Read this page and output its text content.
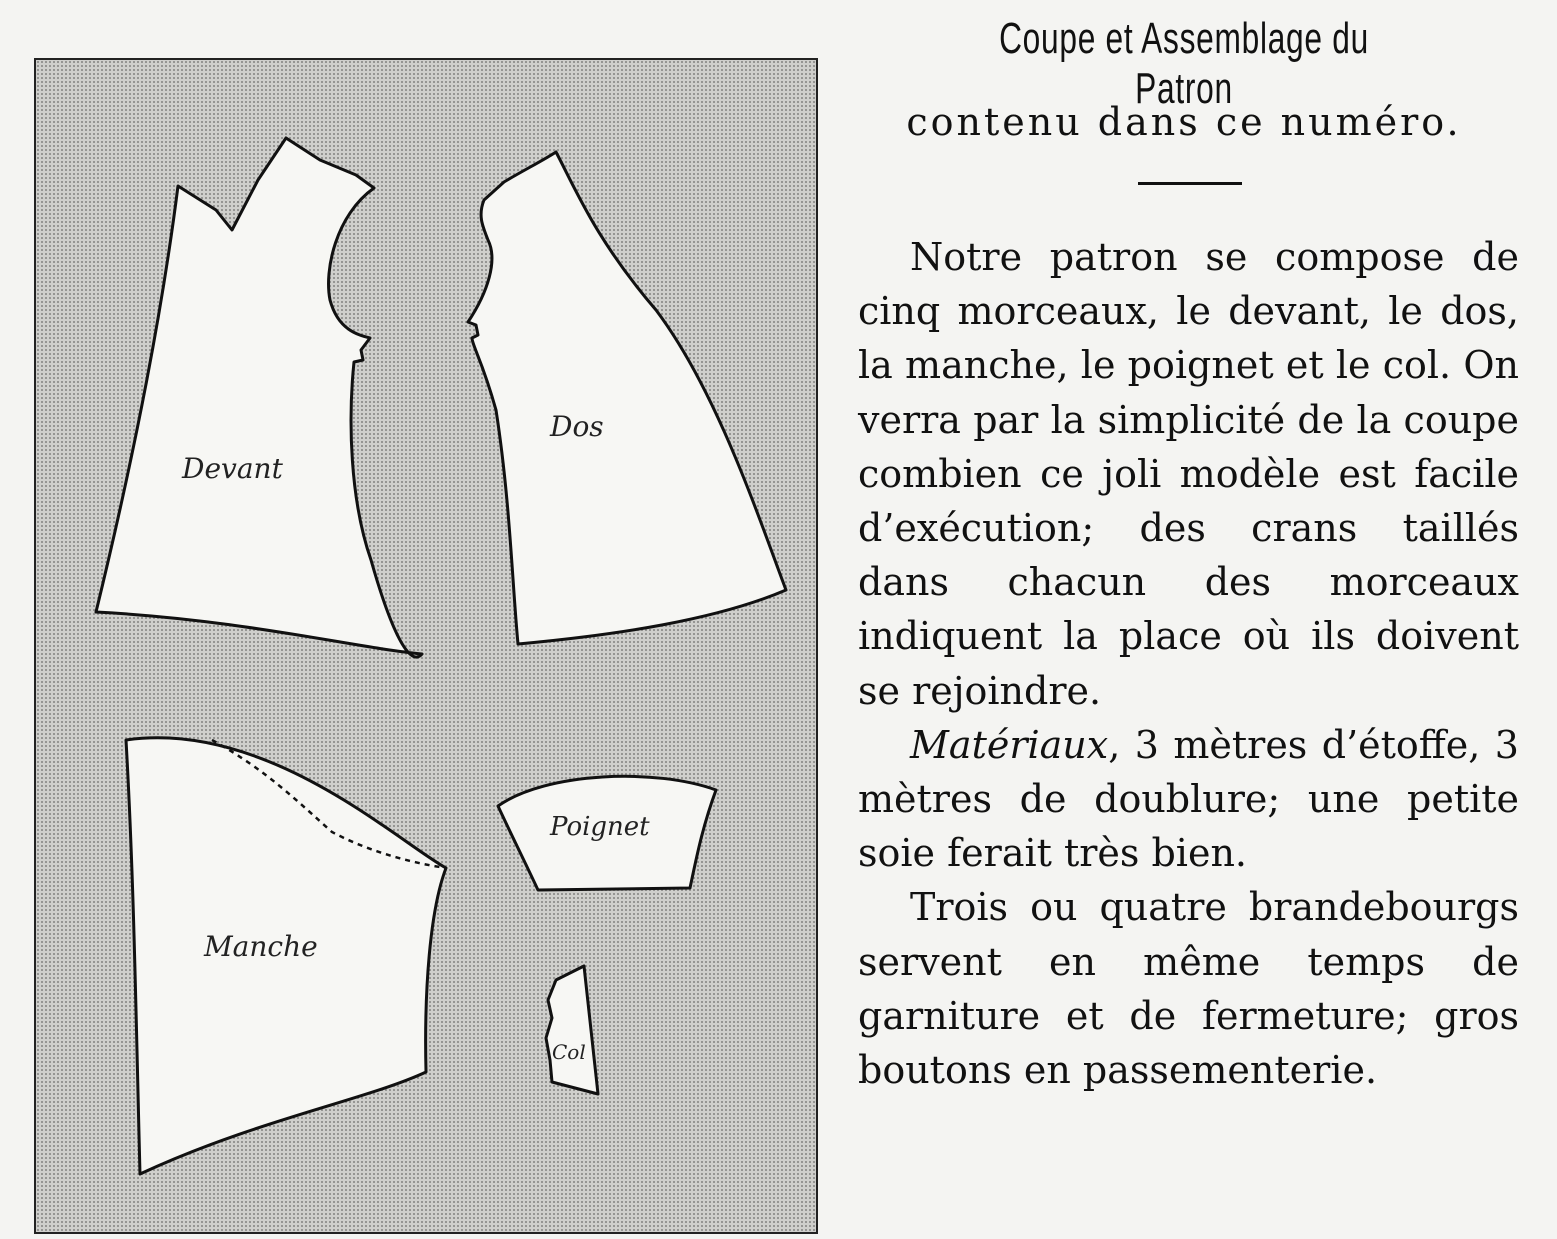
Devant
Dos
Manche
Poignet
Col
Coupe et Assemblage du Patron
contenu dans ce numéro.

Notre patron se compose de cinq morceaux, le devant, le dos, la manche, le poignet et le col. On verra par la simplicité de la coupe combien ce joli modèle est facile d’exécution; des crans taillés dans chacun des morceaux indiquent la place où ils doivent se rejoindre.

Matériaux, 3 mètres d’étoffe, 3 mètres de doublure; une petite soie ferait très bien.

Trois ou quatre brandebourgs servent en même temps de garniture et de fermeture; gros boutons en passementerie.
